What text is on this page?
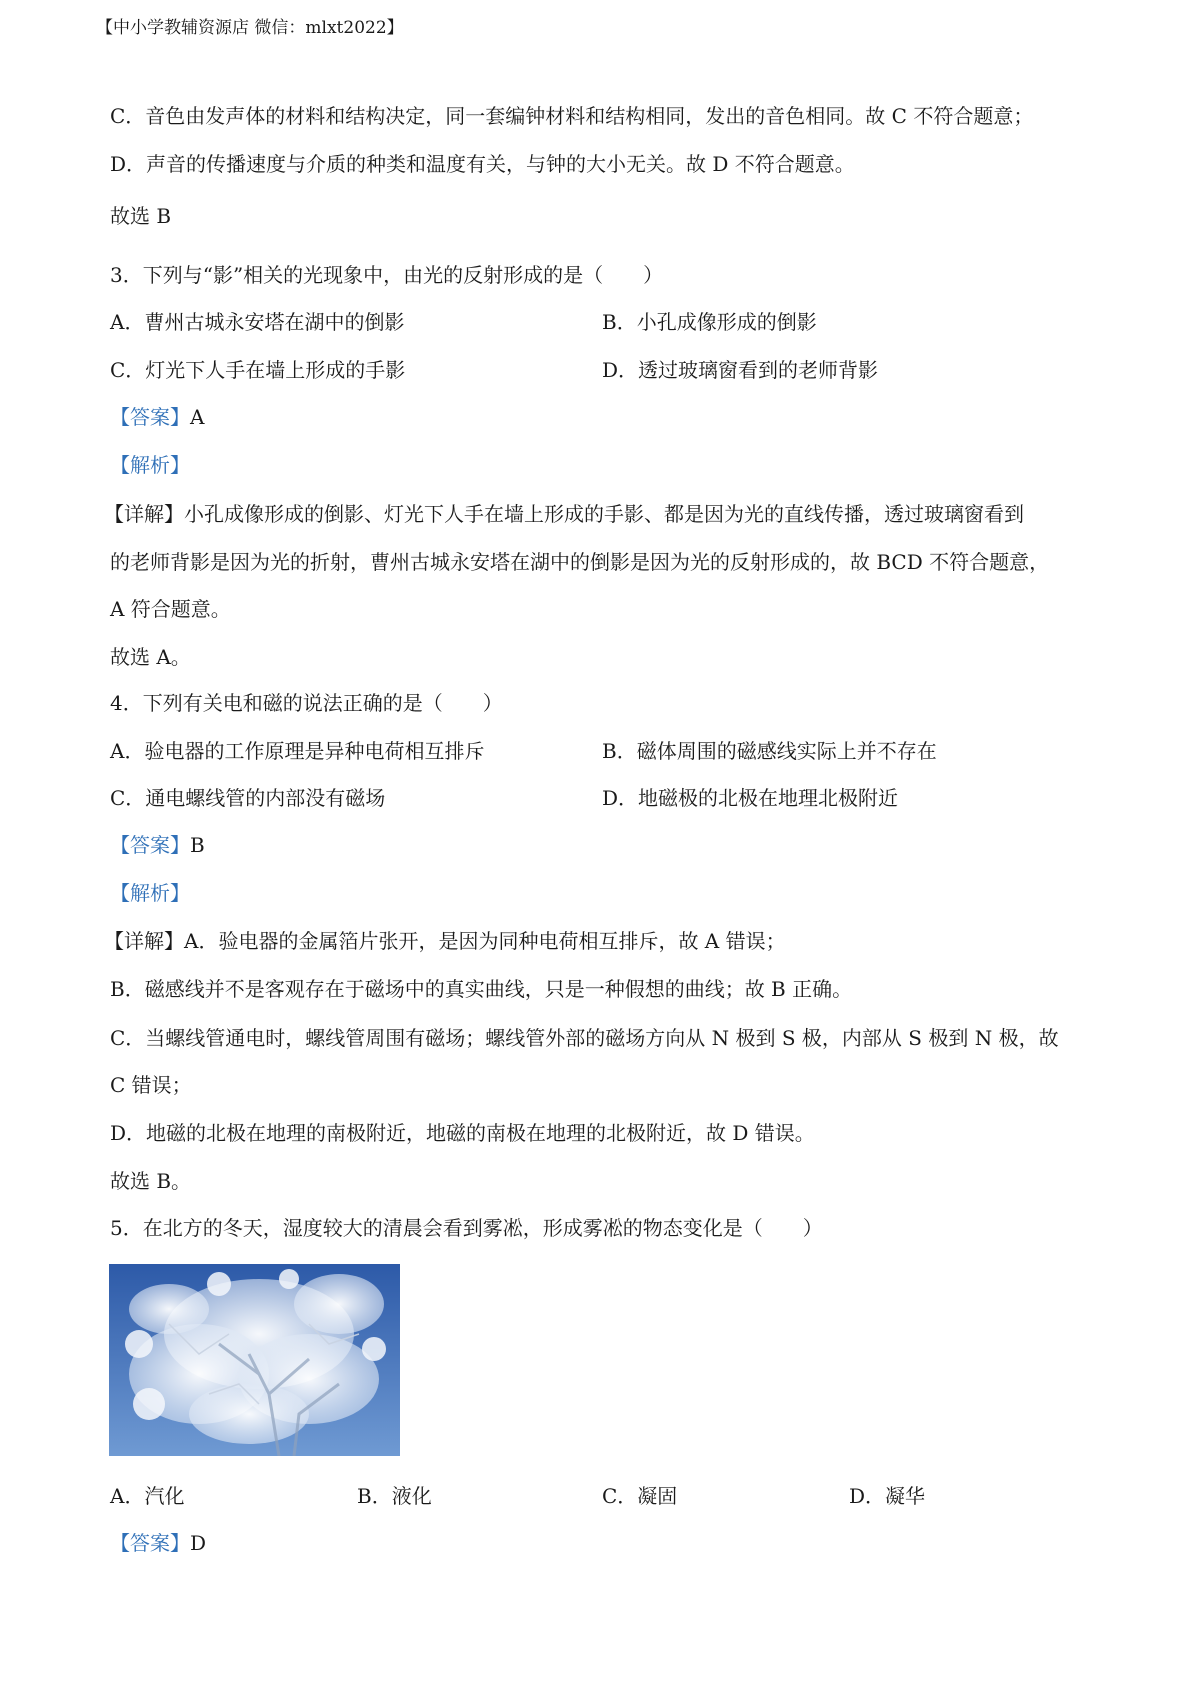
【中小学教辅资源店 微信：mlxt2022】
C．音色由发声体的材料和结构决定，同一套编钟材料和结构相同，发出的音色相同。故 C 不符合题意；
D．声音的传播速度与介质的种类和温度有关，与钟的大小无关。故 D 不符合题意。
故选 B
3．下列与“影”相关的光现象中，由光的反射形成的是（　　）
A．曹州古城永安塔在湖中的倒影	B．小孔成像形成的倒影
C．灯光下人手在墙上形成的手影	D．透过玻璃窗看到的老师背影
【答案】A
【解析】
【详解】小孔成像形成的倒影、灯光下人手在墙上形成的手影、都是因为光的直线传播，透过玻璃窗看到
的老师背影是因为光的折射，曹州古城永安塔在湖中的倒影是因为光的反射形成的，故 BCD 不符合题意，
A 符合题意。
故选 A。
4．下列有关电和磁的说法正确的是（　　）
A．验电器的工作原理是异种电荷相互排斥	B．磁体周围的磁感线实际上并不存在
C．通电螺线管的内部没有磁场	D．地磁极的北极在地理北极附近
【答案】B
【解析】
【详解】A．验电器的金属箔片张开，是因为同种电荷相互排斥，故 A 错误；
B．磁感线并不是客观存在于磁场中的真实曲线，只是一种假想的曲线；故 B 正确。
C．当螺线管通电时，螺线管周围有磁场；螺线管外部的磁场方向从 N 极到 S 极，内部从 S 极到 N 极，故
C 错误；
D．地磁的北极在地理的南极附近，地磁的南极在地理的北极附近，故 D 错误。
故选 B。
5．在北方的冬天，湿度较大的清晨会看到雾凇，形成雾凇的物态变化是（　　）
A．汽化	B．液化	C．凝固	D．凝华
【答案】D
